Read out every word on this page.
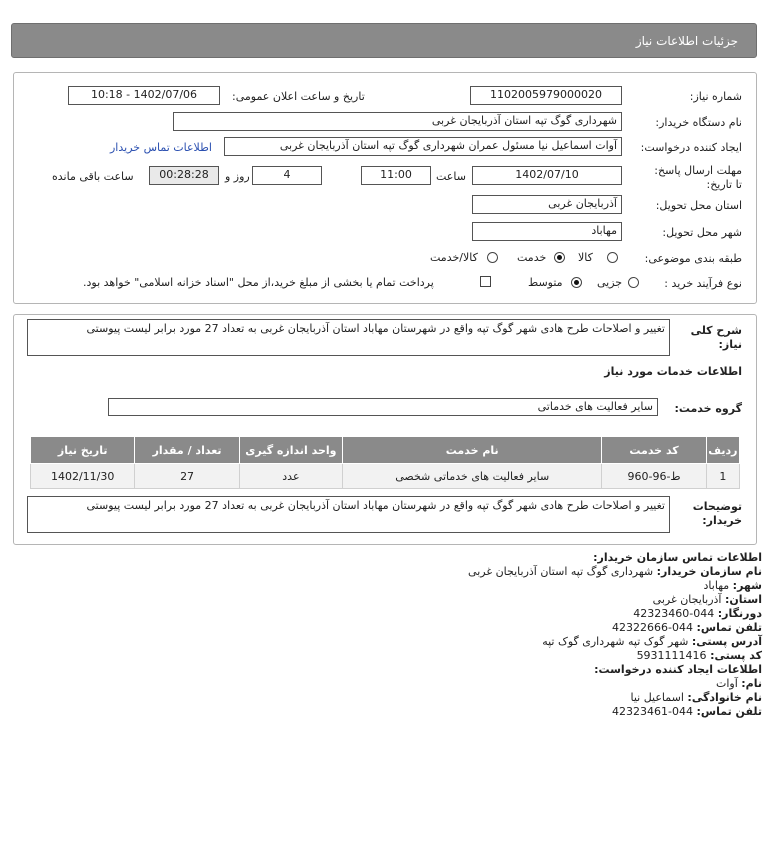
جزئیات اطلاعات نیاز
شماره نیاز:
1102005979000020
تاریخ و ساعت اعلان عمومی:
1402/07/06 - 10:18
نام دستگاه خریدار:
شهرداری گوگ تپه استان آذربایجان غربی
ایجاد کننده درخواست:
آوات اسماعیل نیا مسئول عمران شهرداری گوگ تپه استان آذربایجان غربی
اطلاعات تماس خریدار
مهلت ارسال پاسخ: تا تاریخ:
1402/07/10
ساعت
11:00
4
روز و
00:28:28
ساعت باقی مانده
استان محل تحویل:
آذربایجان غربی
شهر محل تحویل:
مهاباد
طبقه بندی موضوعی:
کالا
خدمت
کالا/خدمت
نوع فرآیند خرید :
جزیی
متوسط
پرداخت تمام یا بخشی از مبلغ خرید،از محل "اسناد خزانه اسلامی" خواهد بود.
شرح کلی نیاز:
تغییر و اصلاحات طرح هادی شهر گوگ تپه واقع در شهرستان مهاباد استان آذربایجان غربی به تعداد 27 مورد برابر لیست پیوستی
اطلاعات خدمات مورد نیاز
گروه خدمت:
سایر فعالیت های خدماتی
ردیف	کد خدمت	نام خدمت	واحد اندازه گیری	تعداد / مقدار	تاریخ نیاز
1	ط-96-960	سایر فعالیت های خدماتی شخصی	عدد	27	1402/11/30
توضیحات خریدار:
تغییر و اصلاحات طرح هادی شهر گوگ تپه واقع در شهرستان مهاباد استان آذربایجان غربی به تعداد 27 مورد برابر لیست پیوستی
اطلاعات تماس سازمان خریدار:
نام سازمان خریدار: شهرداری گوگ تپه استان آذربایجان غربی
شهر: مهاباد
استان: آذربایجان غربی
دورنگار: 044-42323460
تلفن تماس: 044-42322666
آدرس پستی: شهر گوک تپه شهرداری گوک تپه
کد پستی: 5931111416
اطلاعات ایجاد کننده درخواست:
نام: آوات
نام خانوادگی: اسماعیل نیا
تلفن تماس: 044-42323461
